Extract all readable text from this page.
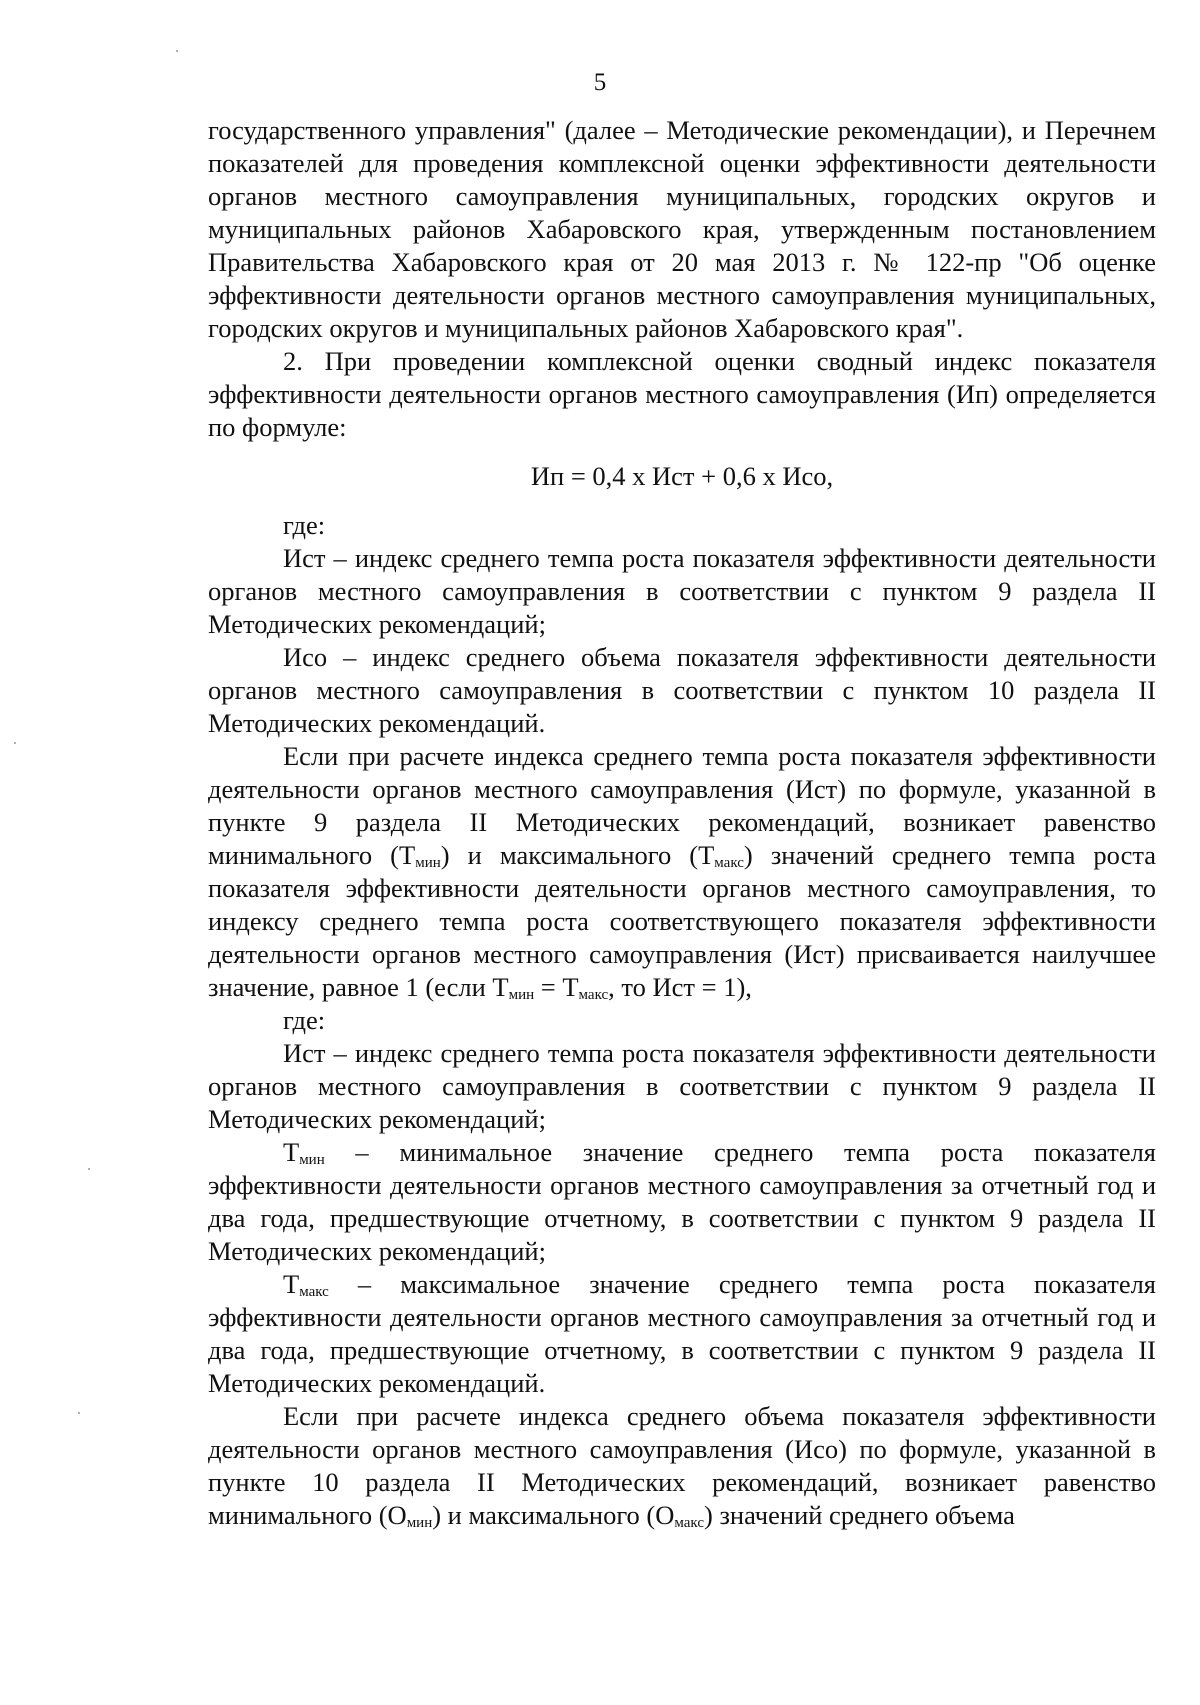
5

государственного управления" (далее – Методические рекомендации), и Перечнем показателей для проведения комплексной оценки эффективности деятельности органов местного самоуправления муниципальных, городских округов и муниципальных районов Хабаровского края, утвержденным постановлением Правительства Хабаровского края от 20 мая 2013 г. № 122-пр "Об оценке эффективности деятельности органов местного самоуправления муниципальных, городских округов и муниципальных районов Хабаровского края".

2. При проведении комплексной оценки сводный индекс показателя эффективности деятельности органов местного самоуправления (Ип) определяется по формуле:

Ип = 0,4 х Ист + 0,6 х Исо,

где:

Ист – индекс среднего темпа роста показателя эффективности деятельности органов местного самоуправления в соответствии с пунктом 9 раздела II Методических рекомендаций;

Исо – индекс среднего объема показателя эффективности деятельности органов местного самоуправления в соответствии с пунктом 10 раздела II Методических рекомендаций.

Если при расчете индекса среднего темпа роста показателя эффективности деятельности органов местного самоуправления (Ист) по формуле, указанной в пункте 9 раздела II Методических рекомендаций, возникает равенство минимального $(Т_{мин})$ и максимального $(Т_{макс})$ значений среднего темпа роста показателя эффективности деятельности органов местного самоуправления, то индексу среднего темпа роста соответствующего показателя эффективности деятельности органов местного самоуправления (Ист) присваивается наилучшее значение, равное 1 (если $Т_{мин} = Т_{макс}$, то Ист = 1),

где:

Ист – индекс среднего темпа роста показателя эффективности деятельности органов местного самоуправления в соответствии с пунктом 9 раздела II Методических рекомендаций;

$Т_{мин}$ – минимальное значение среднего темпа роста показателя эффективности деятельности органов местного самоуправления за отчетный год и два года, предшествующие отчетному, в соответствии с пунктом 9 раздела II Методических рекомендаций;

$Т_{макс}$ – максимальное значение среднего темпа роста показателя эффективности деятельности органов местного самоуправления за отчетный год и два года, предшествующие отчетному, в соответствии с пунктом 9 раздела II Методических рекомендаций.

Если при расчете индекса среднего объема показателя эффективности деятельности органов местного самоуправления (Исо) по формуле, указанной в пункте 10 раздела II Методических рекомендаций, возникает равенство минимального $(О_{мин})$ и максимального $(О_{макс})$ значений среднего объема
